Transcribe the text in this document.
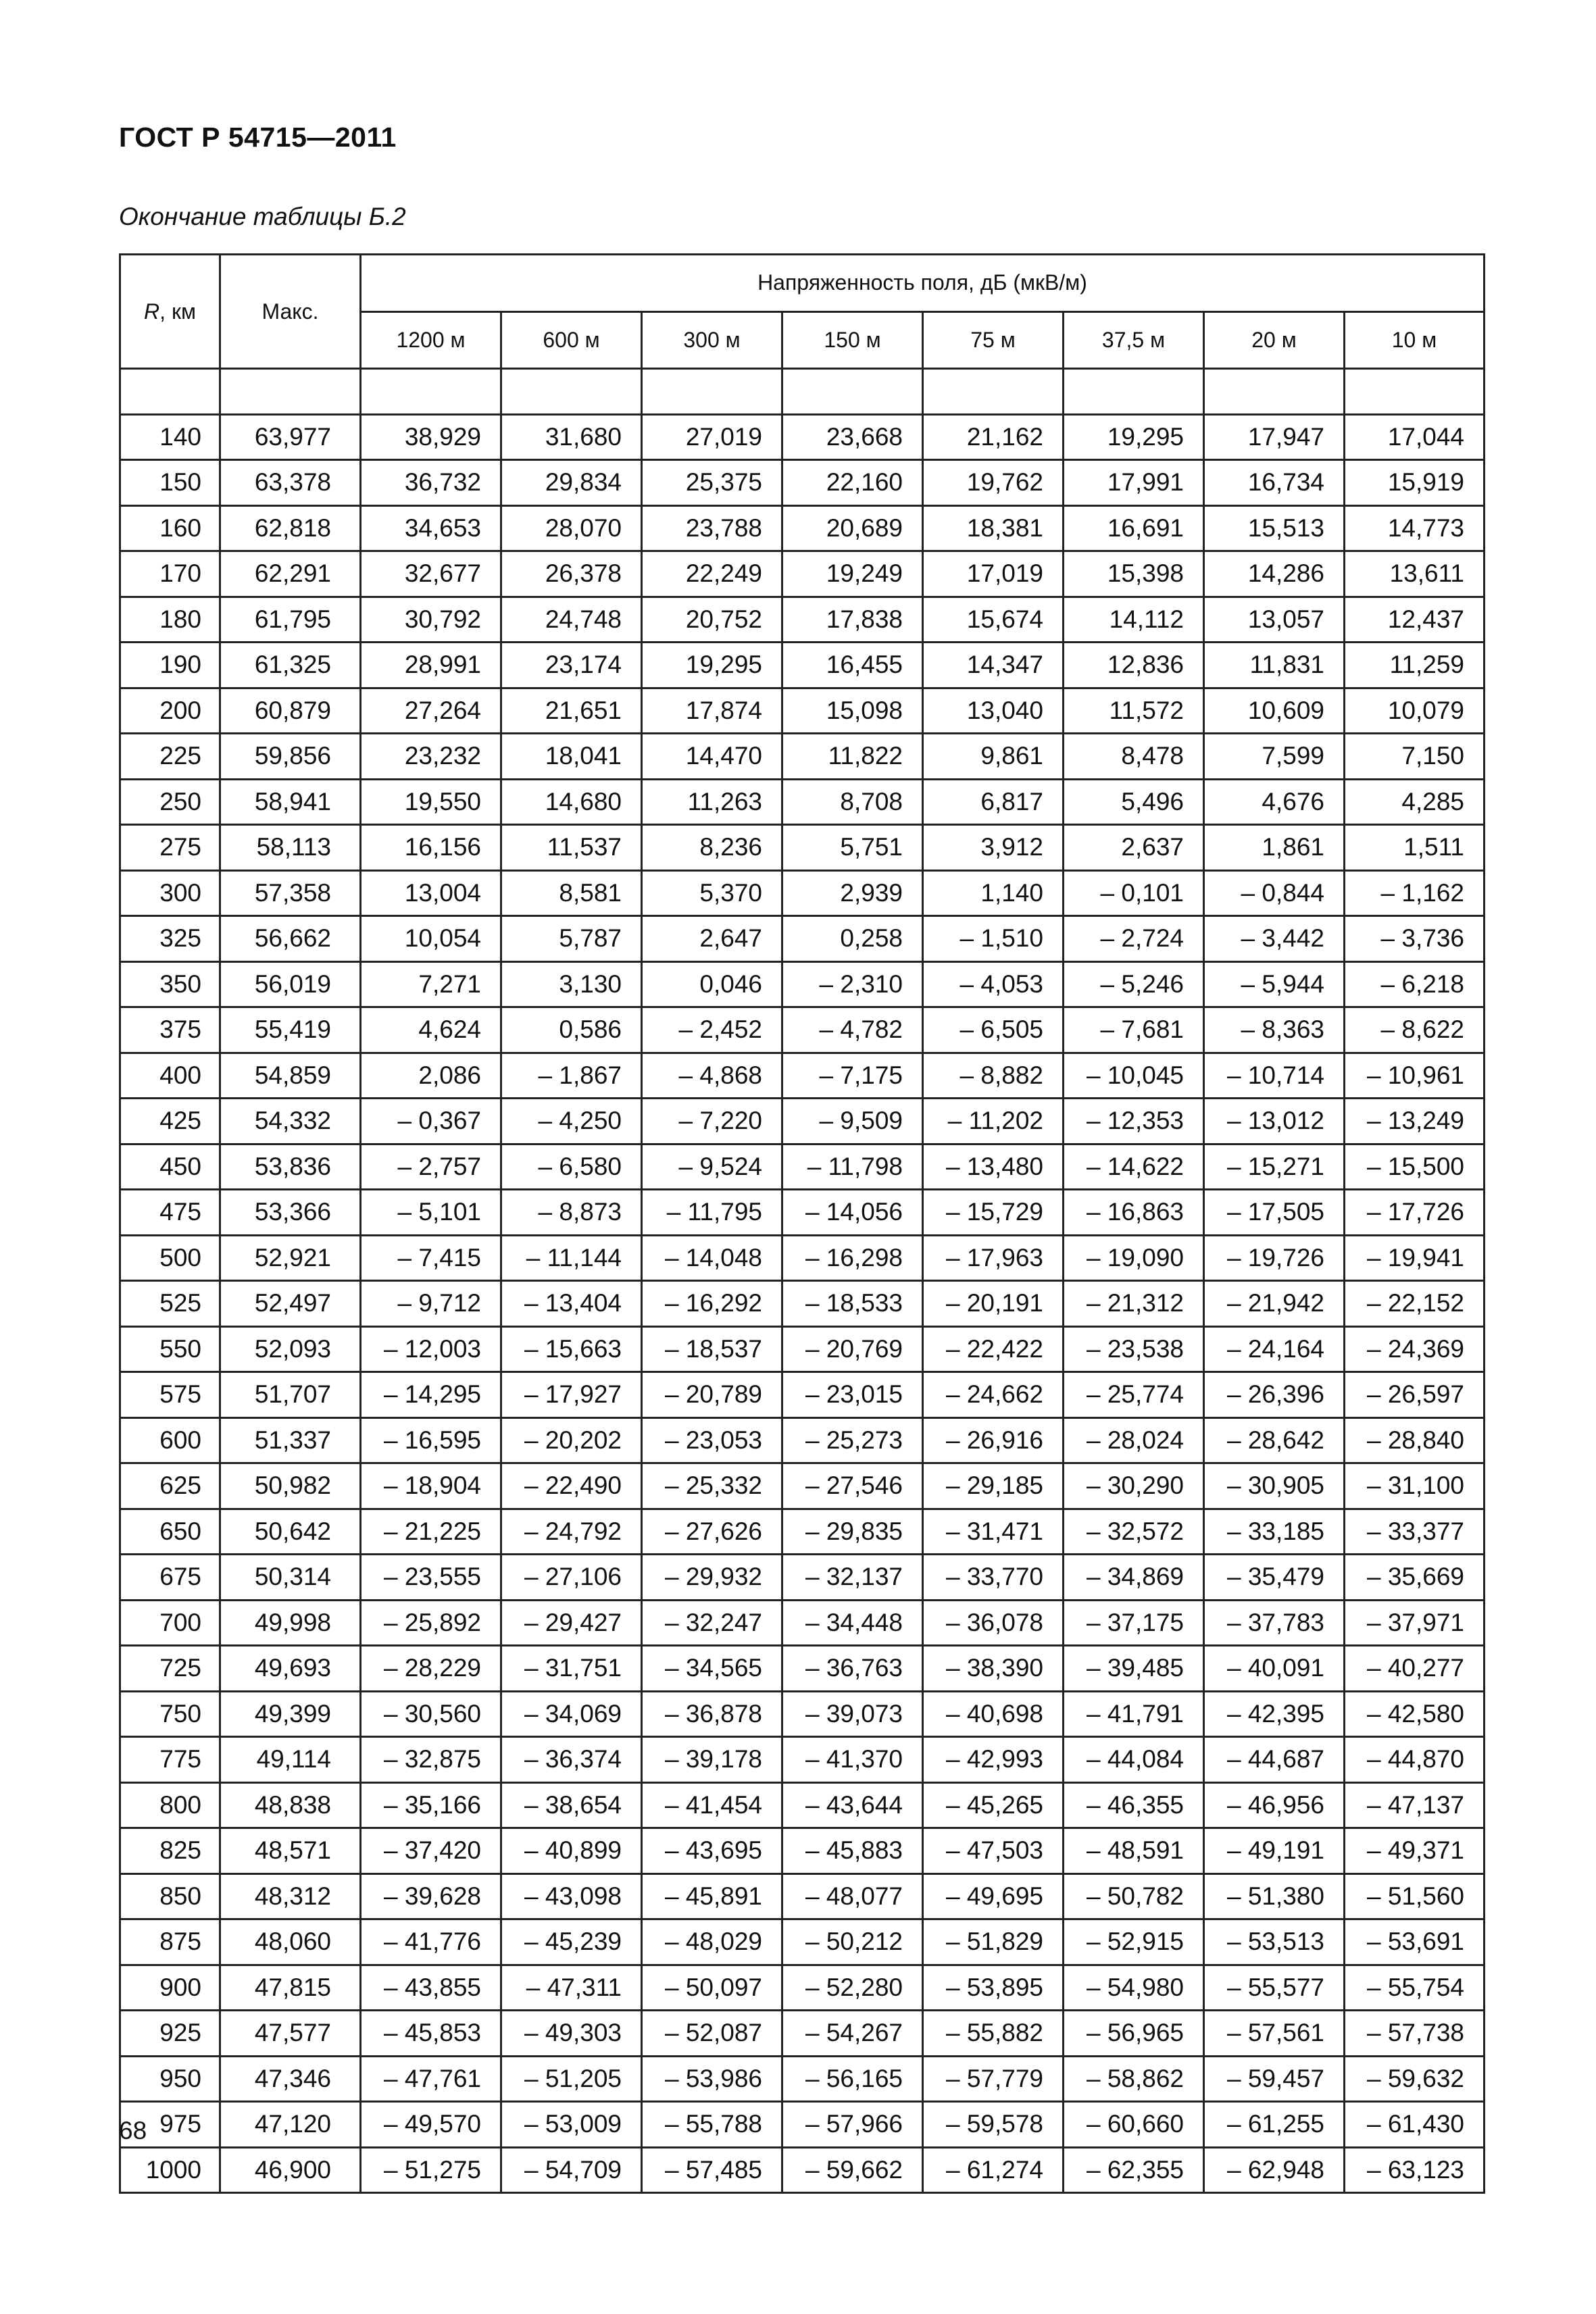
ГОСТ Р 54715—2011
Окончание таблицы Б.2
R, км	Макс.	Напряженность поля, дБ (мкВ/м)							
		1200 м	600 м	300 м	150 м	75 м	37,5 м	20 м	10 м

140	63,977	38,929	31,680	27,019	23,668	21,162	19,295	17,947	17,044
150	63,378	36,732	29,834	25,375	22,160	19,762	17,991	16,734	15,919
160	62,818	34,653	28,070	23,788	20,689	18,381	16,691	15,513	14,773
170	62,291	32,677	26,378	22,249	19,249	17,019	15,398	14,286	13,611
180	61,795	30,792	24,748	20,752	17,838	15,674	14,112	13,057	12,437
190	61,325	28,991	23,174	19,295	16,455	14,347	12,836	11,831	11,259
200	60,879	27,264	21,651	17,874	15,098	13,040	11,572	10,609	10,079
225	59,856	23,232	18,041	14,470	11,822	9,861	8,478	7,599	7,150
250	58,941	19,550	14,680	11,263	8,708	6,817	5,496	4,676	4,285
275	58,113	16,156	11,537	8,236	5,751	3,912	2,637	1,861	1,511
300	57,358	13,004	8,581	5,370	2,939	1,140	– 0,101	– 0,844	– 1,162
325	56,662	10,054	5,787	2,647	0,258	– 1,510	– 2,724	– 3,442	– 3,736
350	56,019	7,271	3,130	0,046	– 2,310	– 4,053	– 5,246	– 5,944	– 6,218
375	55,419	4,624	0,586	– 2,452	– 4,782	– 6,505	– 7,681	– 8,363	– 8,622
400	54,859	2,086	– 1,867	– 4,868	– 7,175	– 8,882	– 10,045	– 10,714	– 10,961
425	54,332	– 0,367	– 4,250	– 7,220	– 9,509	– 11,202	– 12,353	– 13,012	– 13,249
450	53,836	– 2,757	– 6,580	– 9,524	– 11,798	– 13,480	– 14,622	– 15,271	– 15,500
475	53,366	– 5,101	– 8,873	– 11,795	– 14,056	– 15,729	– 16,863	– 17,505	– 17,726
500	52,921	– 7,415	– 11,144	– 14,048	– 16,298	– 17,963	– 19,090	– 19,726	– 19,941
525	52,497	– 9,712	– 13,404	– 16,292	– 18,533	– 20,191	– 21,312	– 21,942	– 22,152
550	52,093	– 12,003	– 15,663	– 18,537	– 20,769	– 22,422	– 23,538	– 24,164	– 24,369
575	51,707	– 14,295	– 17,927	– 20,789	– 23,015	– 24,662	– 25,774	– 26,396	– 26,597
600	51,337	– 16,595	– 20,202	– 23,053	– 25,273	– 26,916	– 28,024	– 28,642	– 28,840
625	50,982	– 18,904	– 22,490	– 25,332	– 27,546	– 29,185	– 30,290	– 30,905	– 31,100
650	50,642	– 21,225	– 24,792	– 27,626	– 29,835	– 31,471	– 32,572	– 33,185	– 33,377
675	50,314	– 23,555	– 27,106	– 29,932	– 32,137	– 33,770	– 34,869	– 35,479	– 35,669
700	49,998	– 25,892	– 29,427	– 32,247	– 34,448	– 36,078	– 37,175	– 37,783	– 37,971
725	49,693	– 28,229	– 31,751	– 34,565	– 36,763	– 38,390	– 39,485	– 40,091	– 40,277
750	49,399	– 30,560	– 34,069	– 36,878	– 39,073	– 40,698	– 41,791	– 42,395	– 42,580
775	49,114	– 32,875	– 36,374	– 39,178	– 41,370	– 42,993	– 44,084	– 44,687	– 44,870
800	48,838	– 35,166	– 38,654	– 41,454	– 43,644	– 45,265	– 46,355	– 46,956	– 47,137
825	48,571	– 37,420	– 40,899	– 43,695	– 45,883	– 47,503	– 48,591	– 49,191	– 49,371
850	48,312	– 39,628	– 43,098	– 45,891	– 48,077	– 49,695	– 50,782	– 51,380	– 51,560
875	48,060	– 41,776	– 45,239	– 48,029	– 50,212	– 51,829	– 52,915	– 53,513	– 53,691
900	47,815	– 43,855	– 47,311	– 50,097	– 52,280	– 53,895	– 54,980	– 55,577	– 55,754
925	47,577	– 45,853	– 49,303	– 52,087	– 54,267	– 55,882	– 56,965	– 57,561	– 57,738
950	47,346	– 47,761	– 51,205	– 53,986	– 56,165	– 57,779	– 58,862	– 59,457	– 59,632
975	47,120	– 49,570	– 53,009	– 55,788	– 57,966	– 59,578	– 60,660	– 61,255	– 61,430
1000	46,900	– 51,275	– 54,709	– 57,485	– 59,662	– 61,274	– 62,355	– 62,948	– 63,123
68
